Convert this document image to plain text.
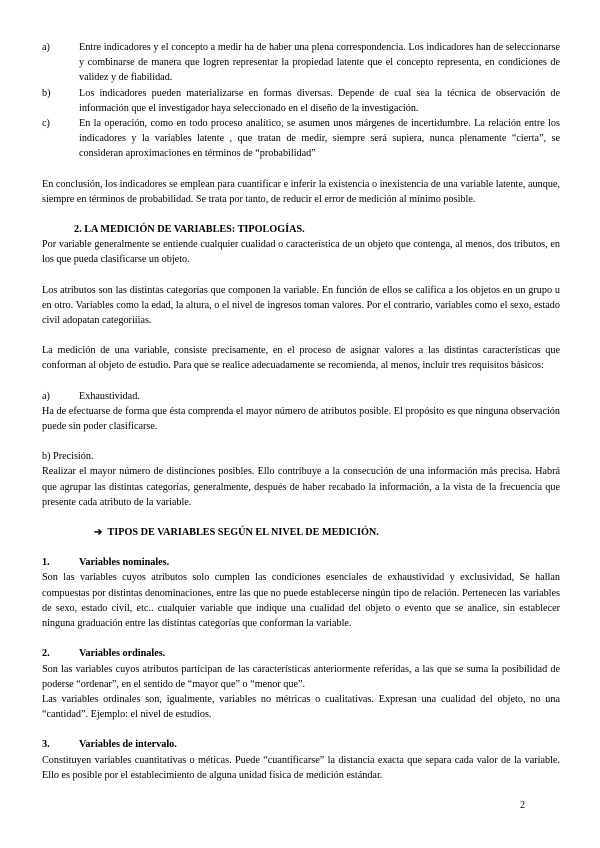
a)	Entre indicadores y el concepto a medir ha de haber una plena correspondencia. Los indicadores han de seleccionarse y combinarse de manera que logren representar la propiedad latente que el concepto representa, en condiciones de validez y de fiabilidad.

b)	Los indicadores pueden materializarse en formas diversas. Depende de cual sea la técnica de observación de información que el investigador haya seleccionado en el diseño de la investigación.

c)	En la operación, como en todo proceso analítico, se asumen unos márgenes de incertidumbre. La relación entre los indicadores y la variables latente , que tratan de medir, siempre será supiera, nunca plenamente “cierta”, se consideran aproximaciones en términos de “probabilidad”

En conclusión, los indicadores se emplean para cuantificar e inferir la existencia o inexistencia de una variable latente, aunque, siempre en términos de probabilidad. Se trata por tanto, de reducir el error de medición al mínimo posible.

2. LA MEDICIÓN DE VARIABLES: TIPOLOGÍAS.

Por variable generalmente se entiende cualquier cualidad o característica de un objeto que contenga, al menos, dos tributos, en los que pueda clasificarse un objeto.

Los atributos son las distintas categorías que componen la variable. En función de ellos se califica a los objetos en un grupo u en otro. Variables como la edad, la altura, o el nivel de ingresos toman valores. Por el contrario, variables como el sexo, estado civil adopatan categoriíias.

La medición de una variable, consiste precisamente, en el proceso de asignar valores a las distintas características que conforman al objeto de estudio. Para que se realice adecuadamente se recomienda, al menos, incluir tres requisitos básicos:

a)	Exhaustividad.

Ha de efectuarse de forma que ésta comprenda el mayor número de atributos posible. El propósito es que ninguna observación puede sin poder clasificarse.

b) Precisión.

Realizar el mayor número de distinciones posibles. Ello contribuye a la consecución de una información más precisa. Habrá que agrupar las distintas categorías, generalmente, después de haber recabado la información, a la vista de la frecuencia que presente cada atributo de la variable.

➔ TIPOS DE VARIABLES SEGÚN EL NIVEL DE MEDICIÓN.

1.	Variables nominales.

Son las variables cuyos atributos solo cumplen las condiciones esenciales de exhaustividad y exclusividad, Se hallan compuestas por distintas denominaciones, entre las que no puede establecerse ningún tipo de relación. Pertenecen las variables de sexo, estado civil, etc.. cualquier variable que indique una cualidad del objeto o evento que se analice, sin establecer ninguna graduación entre las distintas categorías que conforman la variable.

2.	Variables ordinales.

Son las variables cuyos atributos participan de las características anteriormente referidas, a las que se suma la posibilidad de poderse “ordenar”, en el sentido de “mayor que” o “menor que”.

Las variables ordinales son, igualmente, variables no métricas o cualitativas. Expresan una cualidad del objeto, no una “cantidad”. Ejemplo: el nivel de estudios.

3.	Variables de intervalo.

Constituyen variables cuantitativas o méticas. Puede “cuantificarse” la distancia exacta que separa cada valor de la variable. Ello es posible por el establecimiento de alguna unidad física de medición estándar.

2
